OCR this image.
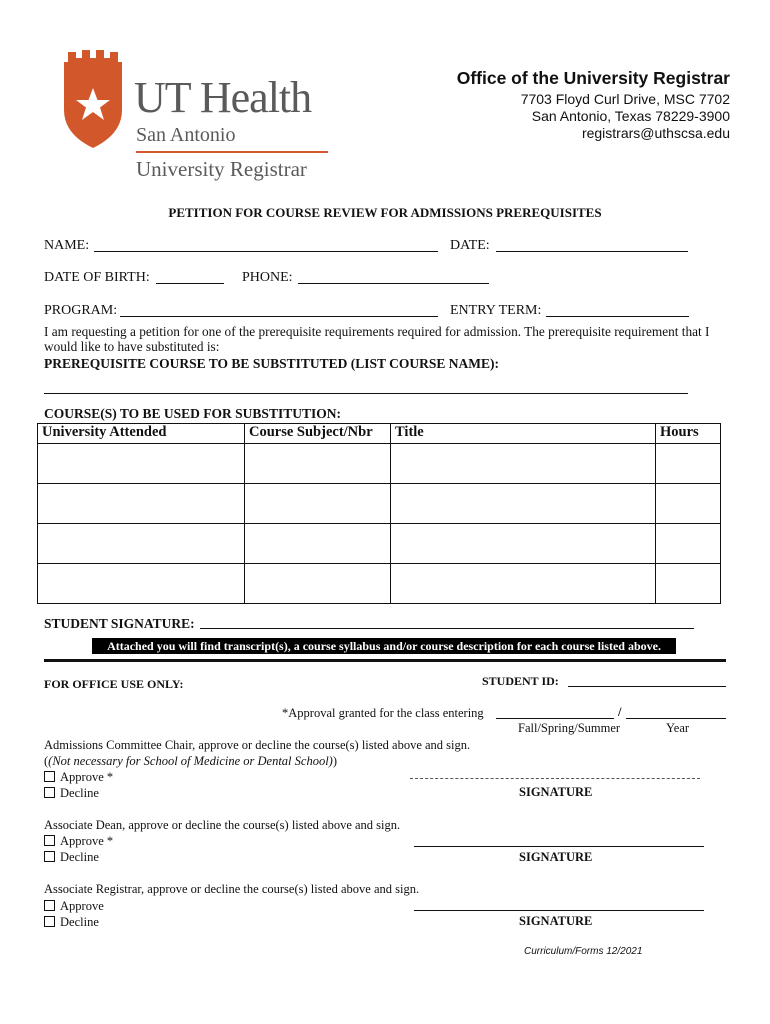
UT Health
San Antonio
University Registrar
Office of the University Registrar
7703 Floyd Curl Drive, MSC 7702
San Antonio, Texas 78229-3900
registrars@uthscsa.edu
PETITION FOR COURSE REVIEW FOR ADMISSIONS PREREQUISITES
NAME:	DATE:
DATE OF BIRTH:	PHONE:
PROGRAM:	ENTRY TERM:
I am requesting a petition for one of the prerequisite requirements required for admission. The prerequisite requirement that I would like to have substituted is:
PREREQUISITE COURSE TO BE SUBSTITUTED (LIST COURSE NAME):
COURSE(S) TO BE USED FOR SUBSTITUTION:
University Attended	Course Subject/Nbr	Title	Hours

STUDENT SIGNATURE:
Attached you will find transcript(s), a course syllabus and/or course description for each course listed above.
FOR OFFICE USE ONLY:	STUDENT ID:
*Approval granted for the class entering	/
Fall/Spring/Summer	Year
Admissions Committee Chair, approve or decline the course(s) listed above and sign.
((Not necessary for School of Medicine or Dental School))
Approve *
Decline	SIGNATURE
Associate Dean, approve or decline the course(s) listed above and sign.
Approve *
Decline	SIGNATURE
Associate Registrar, approve or decline the course(s) listed above and sign.
Approve
Decline	SIGNATURE
Curriculum/Forms 12/2021
